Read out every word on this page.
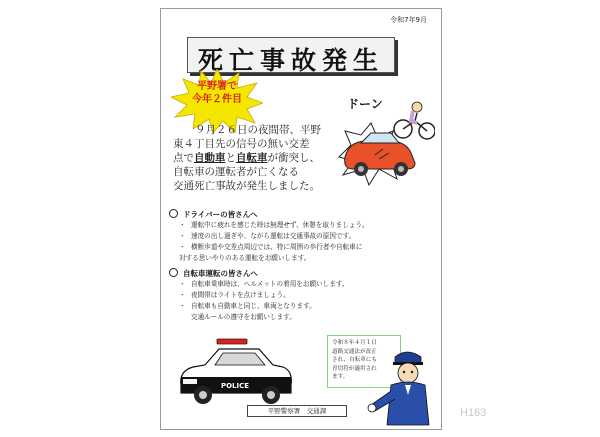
令和7年9月
死亡事故発生
平野署で
今年２件目

９月２６日の夜間帯、平野

東４丁目先の信号の無い交差

点で自動車と自転車が衝突し、

自転車の運転者が亡くなる

交通死亡事故が発生しました。

ドーン
ドライバーの皆さんへ
・ 運転中に疲れを感じた時は無理せず、休憩を取りましょう。
・ 速度の出し過ぎや、ながら運転は交通事故の原因です。
・ 横断歩道や交差点周辺では、特に周囲の歩行者や自転車に
対する思いやりのある運転をお願いします。
自転車運転の皆さんへ
・ 自転車乗車時は、ヘルメットの着用をお願いします。
・ 夜間帯はライトを点けましょう。
・ 自転車も自動車と同じ、車両となります。
交通ルールの遵守をお願いします。
POLICE
令和８年４月１日
道路交通法が改正
され、自転車にも
青切符が適用され
ます。
平野警察署　交通課	H163
